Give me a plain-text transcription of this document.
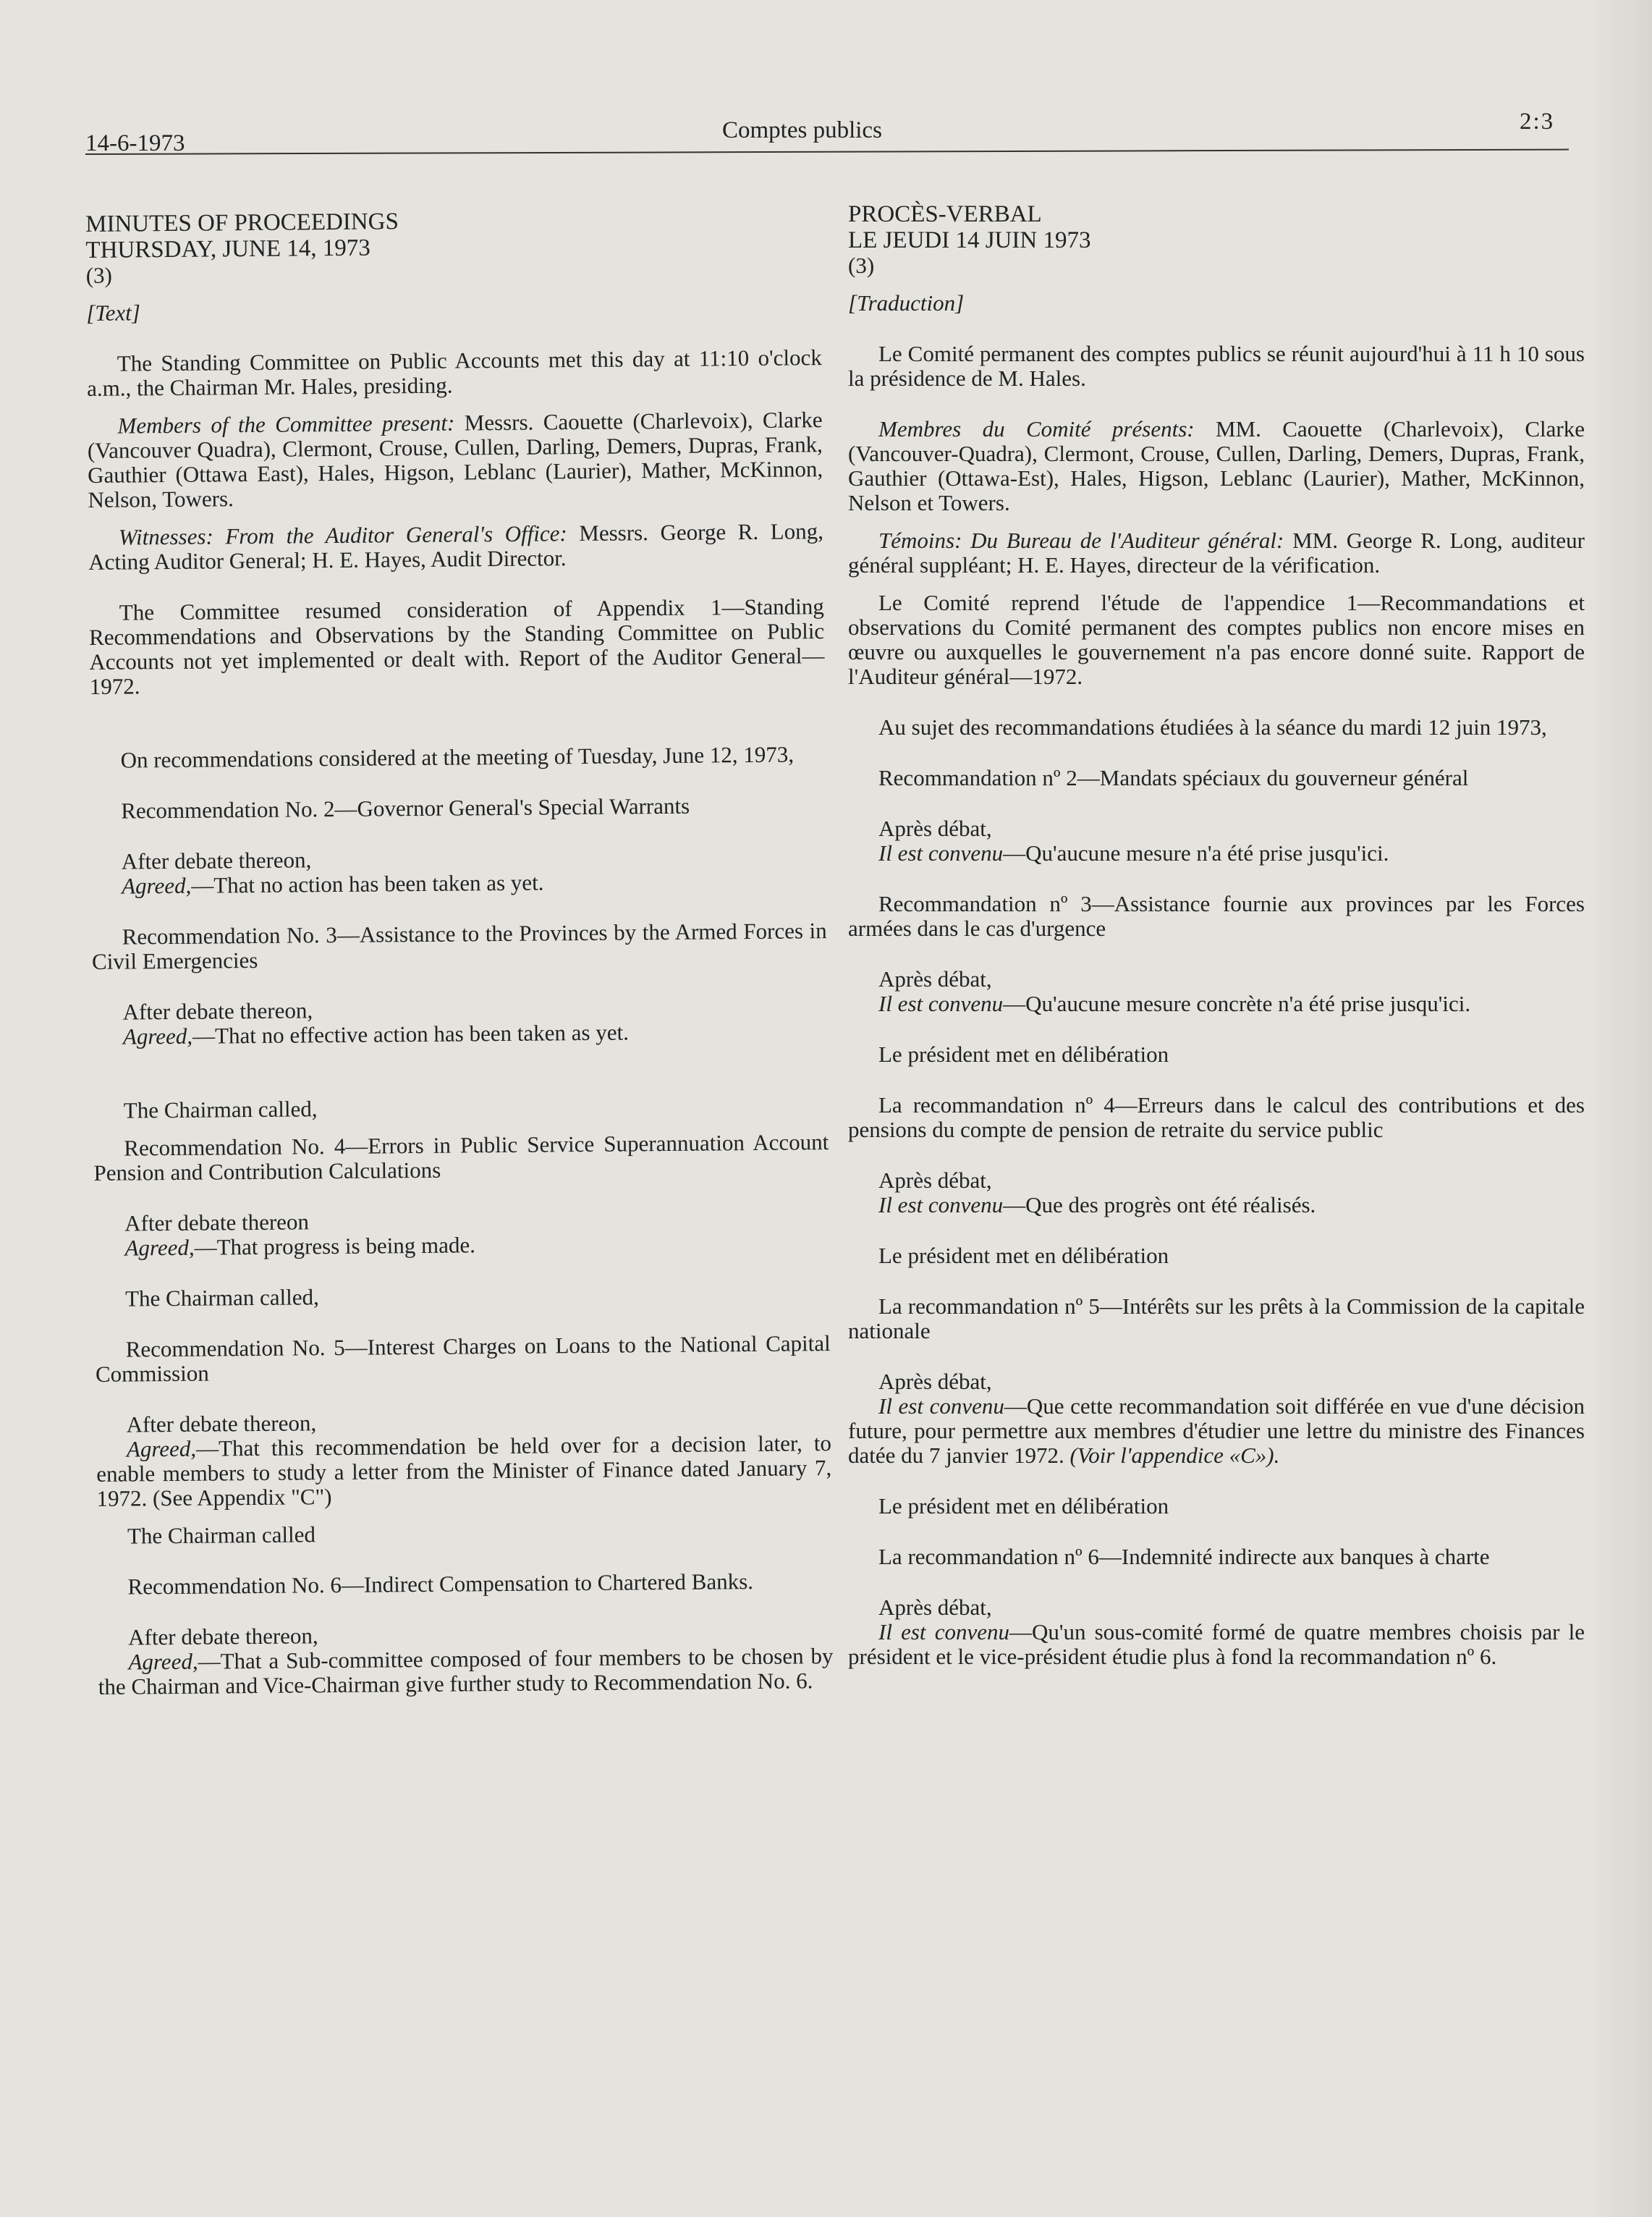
14-6-1973	Comptes publics	2:3

MINUTES OF PROCEEDINGS

THURSDAY, JUNE 14, 1973

(3)

[Text]

The Standing Committee on Public Accounts met this day at 11:10 o'clock a.m., the Chairman Mr. Hales, presiding.

Members of the Committee present: Messrs. Caouette (Charlevoix), Clarke (Vancouver Quadra), Clermont, Crouse, Cullen, Darling, Demers, Dupras, Frank, Gauthier (Ottawa East), Hales, Higson, Leblanc (Laurier), Mather, McKinnon, Nelson, Towers.

Witnesses: From the Auditor General's Office: Messrs. George R. Long, Acting Auditor General; H. E. Hayes, Audit Director.

The Committee resumed consideration of Appendix 1—Standing Recommendations and Observations by the Standing Committee on Public Accounts not yet implemented or dealt with. Report of the Auditor General—1972.

On recommendations considered at the meeting of Tuesday, June 12, 1973,

Recommendation No. 2—Governor General's Special Warrants

After debate thereon,

Agreed,—That no action has been taken as yet.

Recommendation No. 3—Assistance to the Provinces by the Armed Forces in Civil Emergencies

After debate thereon,

Agreed,—That no effective action has been taken as yet.

The Chairman called,

Recommendation No. 4—Errors in Public Service Superannuation Account Pension and Contribution Calculations

After debate thereon

Agreed,—That progress is being made.

The Chairman called,

Recommendation No. 5—Interest Charges on Loans to the National Capital Commission

After debate thereon,

Agreed,—That this recommendation be held over for a decision later, to enable members to study a letter from the Minister of Finance dated January 7, 1972. (See Appendix "C")

The Chairman called

Recommendation No. 6—Indirect Compensation to Chartered Banks.

After debate thereon,

Agreed,—That a Sub-committee composed of four members to be chosen by the Chairman and Vice-Chairman give further study to Recommendation No. 6.

PROCÈS-VERBAL

LE JEUDI 14 JUIN 1973

(3)

[Traduction]

Le Comité permanent des comptes publics se réunit aujourd'hui à 11 h 10 sous la présidence de M. Hales.

Membres du Comité présents: MM. Caouette (Charlevoix), Clarke (Vancouver-Quadra), Clermont, Crouse, Cullen, Darling, Demers, Dupras, Frank, Gauthier (Ottawa-Est), Hales, Higson, Leblanc (Laurier), Mather, McKinnon, Nelson et Towers.

Témoins: Du Bureau de l'Auditeur général: MM. George R. Long, auditeur général suppléant; H. E. Hayes, directeur de la vérification.

Le Comité reprend l'étude de l'appendice 1—Recommandations et observations du Comité permanent des comptes publics non encore mises en œuvre ou auxquelles le gouvernement n'a pas encore donné suite. Rapport de l'Auditeur général—1972.

Au sujet des recommandations étudiées à la séance du mardi 12 juin 1973,

Recommandation nº 2—Mandats spéciaux du gouverneur général

Après débat,

Il est convenu—Qu'aucune mesure n'a été prise jusqu'ici.

Recommandation nº 3—Assistance fournie aux provinces par les Forces armées dans le cas d'urgence

Après débat,

Il est convenu—Qu'aucune mesure concrète n'a été prise jusqu'ici.

Le président met en délibération

La recommandation nº 4—Erreurs dans le calcul des contributions et des pensions du compte de pension de retraite du service public

Après débat,

Il est convenu—Que des progrès ont été réalisés.

Le président met en délibération

La recommandation nº 5—Intérêts sur les prêts à la Commission de la capitale nationale

Après débat,

Il est convenu—Que cette recommandation soit différée en vue d'une décision future, pour permettre aux membres d'étudier une lettre du ministre des Finances datée du 7 janvier 1972. (Voir l'appendice «C»).

Le président met en délibération

La recommandation nº 6—Indemnité indirecte aux banques à charte

Après débat,

Il est convenu—Qu'un sous-comité formé de quatre membres choisis par le président et le vice-président étudie plus à fond la recommandation nº 6.
